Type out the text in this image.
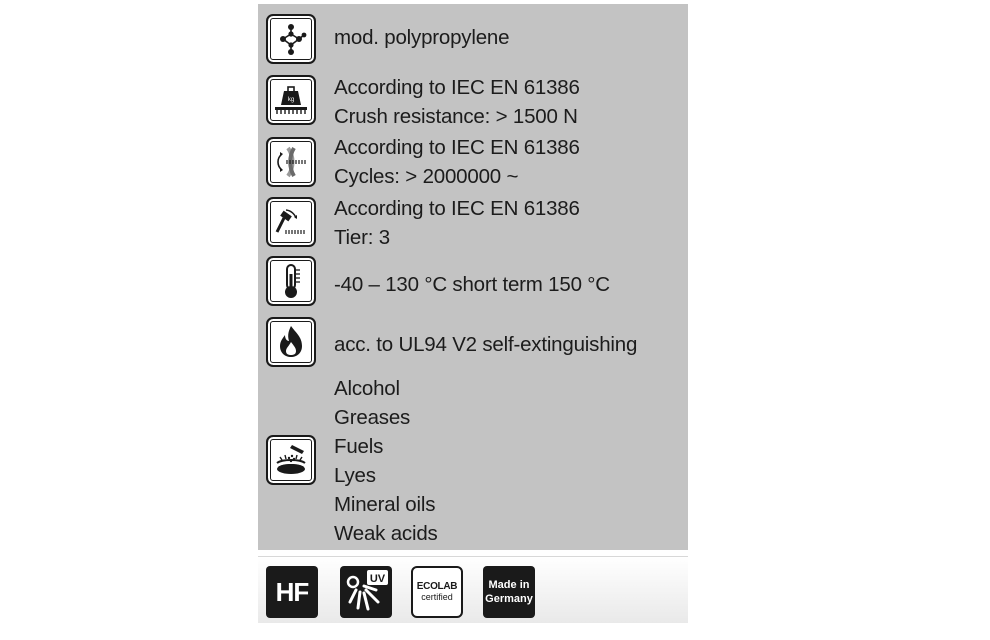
mod. polypropylene
kg
According to IEC EN 61386
Crush resistance: > 1500 N
According to IEC EN 61386
Cycles: > 2000000 ~
According to IEC EN 61386
Tier: 3
-40 – 130 °C short term 150 °C
acc. to UL94 V2 self-extinguishing
Alcohol
Greases
Fuels
Lyes
Mineral oils
Weak acids
HF	UV
ECOLAB
certified
Made in
Germany
